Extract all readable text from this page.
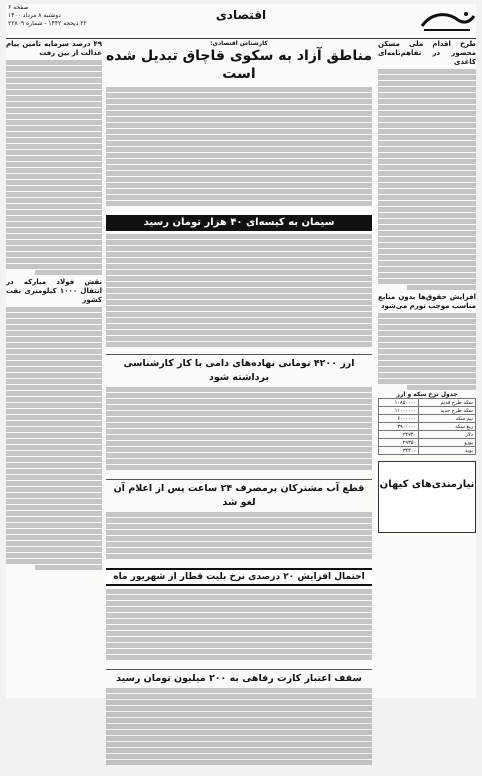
اقتصادی
صفحه ۶
دوشنبه ۸ مرداد ۱۴۰۰
۲۲ ذیحجه ۱۴۴۲ - شماره ۲۲۸۰۹
طرح اقدام ملی مسکن محصور در تفاهم‌نامه‌ای کاغذی
افزایش حقوق‌ها بدون منابع مناسب موجب تورم می‌شود
جدول نرخ سکه و ارز
سکه طرح قدیم	۱۰۸۵۰۰۰۰
سکه طرح جدید	۱۱۰۰۰۰۰۰
نیم سکه	۶۰۰۰۰۰۰
ربع سکه	۳۹۰۰۰۰۰
دلار	۲۴۷۴۰
یورو	۲۹۳۵۰
پوند	۳۴۳۰۰
نیازمندی‌های کیهان
۴۹ درصد سرمایه تامین پیام عدالت از بین رفت
نقش فولاد مبارکه در انتقال ۱۰۰۰ کیلومتری نفت کشور
کارشناس اقتصادی:
مناطق آزاد به سکوی قاچاق تبدیل شده است
سیمان به کیسه‌ای ۴۰ هزار تومان رسید
ارز ۴۲۰۰ تومانی نهاده‌های دامی با کار کارشناسی برداشته شود
قطع آب مشترکان پرمصرف ۲۴ ساعت پس از اعلام آن لغو شد
احتمال افزایش ۲۰ درصدی نرخ بلیت قطار از شهریور ماه
سقف اعتبار کارت رفاهی به ۲۰۰ میلیون تومان رسید
